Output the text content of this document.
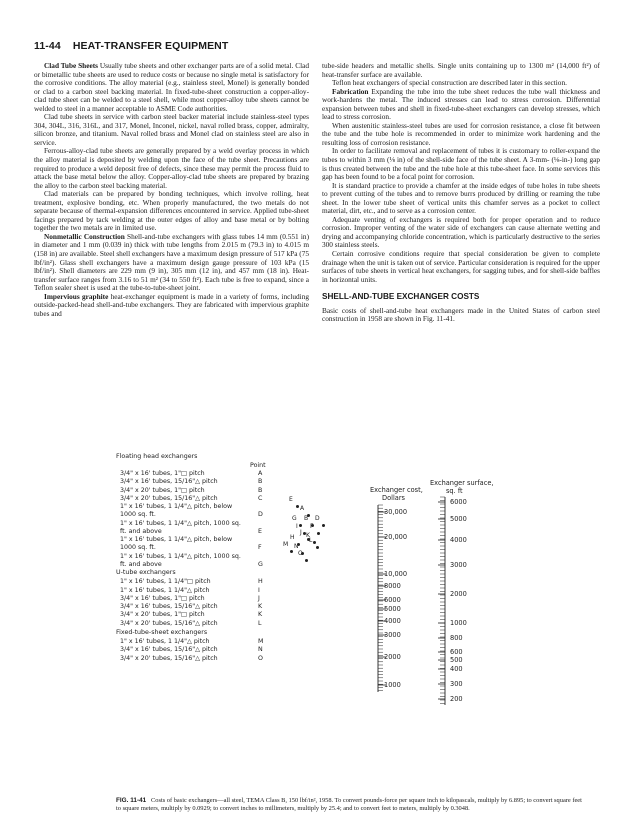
11-44    HEAT-TRANSFER EQUIPMENT

Clad Tube Sheets Usually tube sheets and other exchanger parts are of a solid metal. Clad or bimetallic tube sheets are used to reduce costs or because no single metal is satisfactory for the corrosive conditions. The alloy material (e.g., stainless steel, Monel) is generally bonded or clad to a carbon steel backing material. In fixed-tube-sheet construction a copper-alloy-clad tube sheet can be welded to a steel shell, while most copper-alloy tube sheets cannot be welded to steel in a manner acceptable to ASME Code authorities.

Clad tube sheets in service with carbon steel backer material include stainless-steel types 304, 304L, 316, 316L, and 317, Monel, Inconel, nickel, naval rolled brass, copper, admiralty, silicon bronze, and titanium. Naval rolled brass and Monel clad on stainless steel are also in service.

Ferrous-alloy-clad tube sheets are generally prepared by a weld overlay process in which the alloy material is deposited by welding upon the face of the tube sheet. Precautions are required to produce a weld deposit free of defects, since these may permit the process fluid to attack the base metal below the alloy. Copper-alloy-clad tube sheets are prepared by brazing the alloy to the carbon steel backing material.

Clad materials can be prepared by bonding techniques, which involve rolling, heat treatment, explosive bonding, etc. When properly manufactured, the two metals do not separate because of thermal-expansion differences encountered in service. Applied tube-sheet facings prepared by tack welding at the outer edges of alloy and base metal or by bolting together the two metals are in limited use.

Nonmetallic Construction Shell-and-tube exchangers with glass tubes 14 mm (0.551 in) in diameter and 1 mm (0.039 in) thick with tube lengths from 2.015 m (79.3 in) to 4.015 m (158 in) are available. Steel shell exchangers have a maximum design pressure of 517 kPa (75 lbf/in²). Glass shell exchangers have a maximum design gauge pressure of 103 kPa (15 lbf/in²). Shell diameters are 229 mm (9 in), 305 mm (12 in), and 457 mm (18 in). Heat-transfer surface ranges from 3.16 to 51 m² (34 to 550 ft²). Each tube is free to expand, since a Teflon sealer sheet is used at the tube-to-tube-sheet joint.

Impervious graphite heat-exchanger equipment is made in a variety of forms, including outside-packed-head shell-and-tube exchangers. They are fabricated with impervious graphite tubes and

tube-side headers and metallic shells. Single units containing up to 1300 m² (14,000 ft²) of heat-transfer surface are available.

Teflon heat exchangers of special construction are described later in this section.

Fabrication Expanding the tube into the tube sheet reduces the tube wall thickness and work-hardens the metal. The induced stresses can lead to stress corrosion. Differential expansion between tubes and shell in fixed-tube-sheet exchangers can develop stresses, which lead to stress corrosion.

When austenitic stainless-steel tubes are used for corrosion resistance, a close fit between the tube and the tube hole is recommended in order to minimize work hardening and the resulting loss of corrosion resistance.

In order to facilitate removal and replacement of tubes it is customary to roller-expand the tubes to within 3 mm (⅛ in) of the shell-side face of the tube sheet. A 3-mm- (⅛-in-) long gap is thus created between the tube and the tube hole at this tube-sheet face. In some services this gap has been found to be a focal point for corrosion.

It is standard practice to provide a chamfer at the inside edges of tube holes in tube sheets to prevent cutting of the tubes and to remove burrs produced by drilling or reaming the tube sheet. In the lower tube sheet of vertical units this chamfer serves as a pocket to collect material, dirt, etc., and to serve as a corrosion center.

Adequate venting of exchangers is required both for proper operation and to reduce corrosion. Improper venting of the water side of exchangers can cause alternate wetting and drying and accompanying chloride concentration, which is particularly destructive to the series 300 stainless steels.

Certain corrosive conditions require that special consideration be given to complete drainage when the unit is taken out of service. Particular consideration is required for the upper surfaces of tube sheets in vertical heat exchangers, for sagging tubes, and for shell-side baffles in horizontal units.

SHELL-AND-TUBE EXCHANGER COSTS

Basic costs of shell-and-tube heat exchangers made in the United States of carbon steel construction in 1958 are shown in Fig. 11-41.

Floating head exchangers
Point
3/4" x 16' tubes, 1"□ pitch	A
3/4" x 16' tubes, 15/16"△ pitch	B
3/4" x 20' tubes, 1"□ pitch	B
3/4" x 20' tubes, 15/16"△ pitch	C
1" x 16' tubes, 1 1/4"△ pitch, below
1000 sq. ft.	D
1" x 16' tubes, 1 1/4"△ pitch, 1000 sq.
ft. and above	E
1" x 16' tubes, 1 1/4"△ pitch, below
1000 sq. ft.	F
1" x 16' tubes, 1 1/4"△ pitch, 1000 sq.
ft. and above	G
U-tube exchangers
1" x 16' tubes, 1 1/4"□ pitch	H
1" x 16' tubes, 1 1/4"△ pitch	I
3/4" x 16' tubes, 1"□ pitch	J
3/4" x 16' tubes, 15/16"△ pitch	K
3/4" x 20' tubes, 1"□ pitch	K
3/4" x 20' tubes, 15/16"△ pitch	L
Fixed-tube-sheet exchangers
1" x 16' tubes, 1 1/4"△ pitch	M
3/4" x 16' tubes, 15/16"△ pitch	N
3/4" x 20' tubes, 15/16"△ pitch	O
E
A
G B D
I F
J K
H L
M N
O
Exchanger cost,
Dollars
Exchanger surface,
sq. ft
30,000
20,000
10,000
8000
6000
5000
4000
3000
2000
1000
6000
5000
4000
3000
2000
1000
800
600
500
400
300
200
FIG. 11-41 Costs of basic exchangers—all steel, TEMA Class B, 150 lbf/in², 1958. To convert pounds-force per square inch to kilopascals, multiply by 6.895; to convert square feet to square meters, multiply by 0.0929; to convert inches to millimeters, multiply by 25.4; and to convert feet to meters, multiply by 0.3048.
